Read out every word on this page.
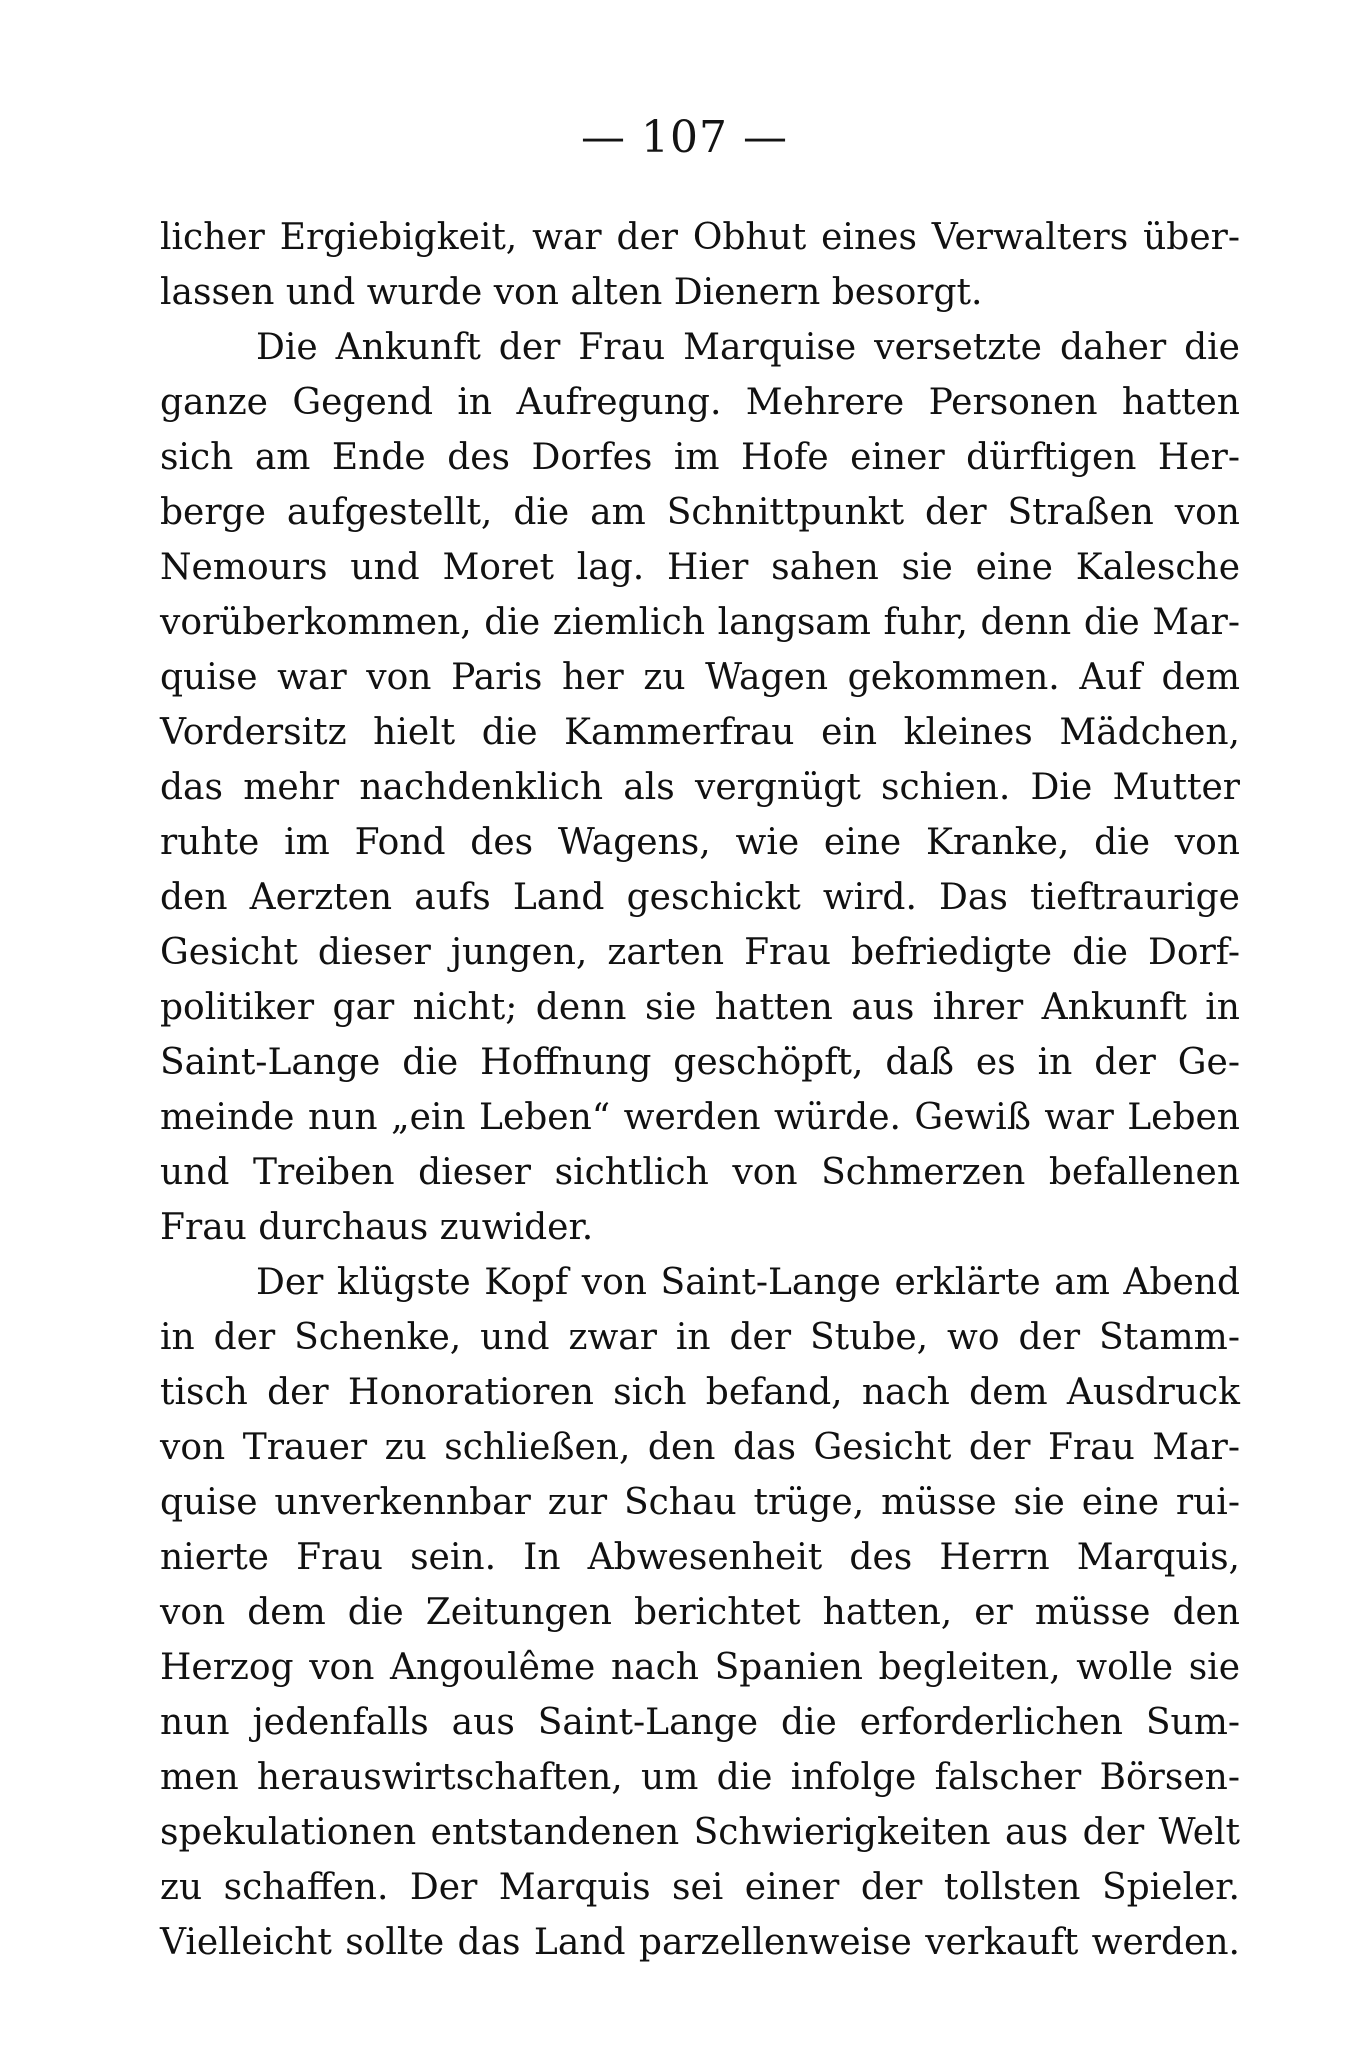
— 107 —
licher Ergiebigkeit, war der Obhut eines Verwalters über-
lassen und wurde von alten Dienern besorgt.
Die Ankunft der Frau Marquise versetzte daher die
ganze Gegend in Aufregung. Mehrere Personen hatten
sich am Ende des Dorfes im Hofe einer dürftigen Her-
berge aufgestellt, die am Schnittpunkt der Straßen von
Nemours und Moret lag. Hier sahen sie eine Kalesche
vorüberkommen, die ziemlich langsam fuhr, denn die Mar-
quise war von Paris her zu Wagen gekommen. Auf dem
Vordersitz hielt die Kammerfrau ein kleines Mädchen,
das mehr nachdenklich als vergnügt schien. Die Mutter
ruhte im Fond des Wagens, wie eine Kranke, die von
den Aerzten aufs Land geschickt wird. Das tieftraurige
Gesicht dieser jungen, zarten Frau befriedigte die Dorf-
politiker gar nicht; denn sie hatten aus ihrer Ankunft in
Saint-Lange die Hoffnung geschöpft, daß es in der Ge-
meinde nun „ein Leben“ werden würde. Gewiß war Leben
und Treiben dieser sichtlich von Schmerzen befallenen
Frau durchaus zuwider.
Der klügste Kopf von Saint-Lange erklärte am Abend
in der Schenke, und zwar in der Stube, wo der Stamm-
tisch der Honoratioren sich befand, nach dem Ausdruck
von Trauer zu schließen, den das Gesicht der Frau Mar-
quise unverkennbar zur Schau trüge, müsse sie eine rui-
nierte Frau sein. In Abwesenheit des Herrn Marquis,
von dem die Zeitungen berichtet hatten, er müsse den
Herzog von Angoulême nach Spanien begleiten, wolle sie
nun jedenfalls aus Saint-Lange die erforderlichen Sum-
men herauswirtschaften, um die infolge falscher Börsen-
spekulationen entstandenen Schwierigkeiten aus der Welt
zu schaffen. Der Marquis sei einer der tollsten Spieler.
Vielleicht sollte das Land parzellenweise verkauft werden.
